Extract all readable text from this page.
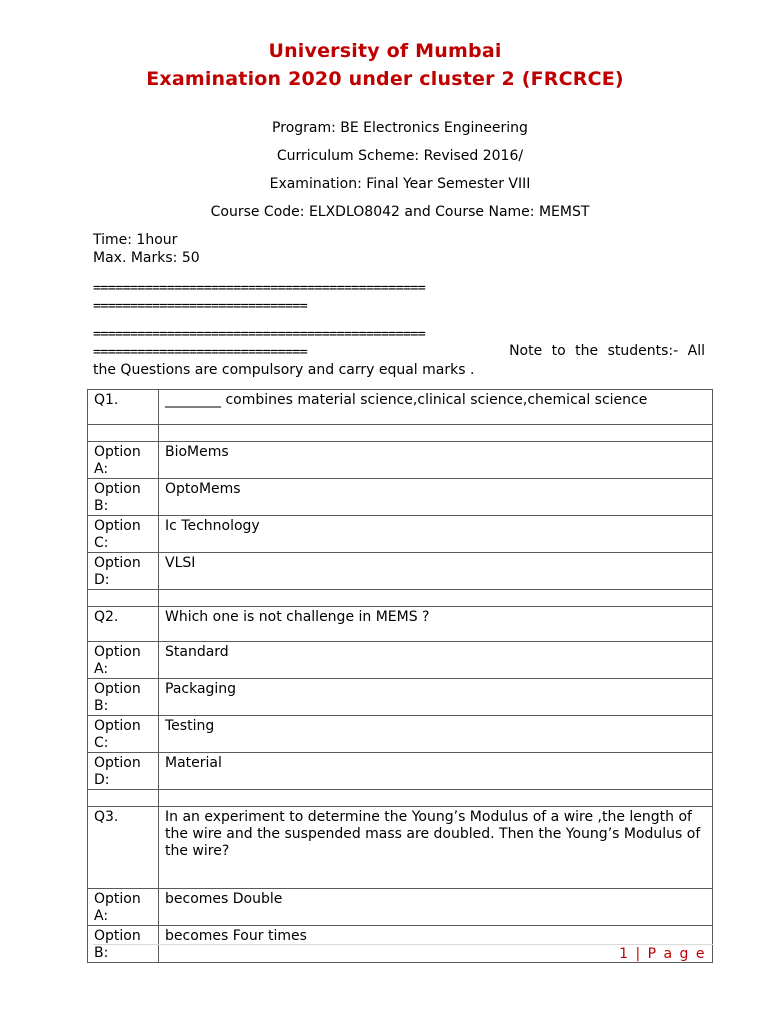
University of Mumbai
Examination 2020 under cluster 2 (FRCRCE)
Program: BE Electronics Engineering
Curriculum Scheme: Revised 2016/
Examination: Final Year Semester VIII
Course Code: ELXDLO8042 and Course Name: MEMST
Time: 1hour
Max. Marks: 50
=============================================
=============================
=============================================
=============================	Note to the students:- All
the Questions are compulsory and carry equal marks .
Q1.	________ combines material science,clinical science,chemical science

Option A:	BioMems
Option B:	OptoMems
Option C:	Ic Technology
Option D:	VLSI

Q2.	Which one is not challenge in MEMS ?
Option A:	Standard
Option B:	Packaging
Option C:	Testing
Option D:	Material

Q3.	In an experiment to determine the Young’s Modulus of a wire ,the length of the wire and the suspended mass are doubled. Then the Young’s Modulus of the wire?
Option A:	becomes Double
Option B:	becomes Four times
1 | P a g e
